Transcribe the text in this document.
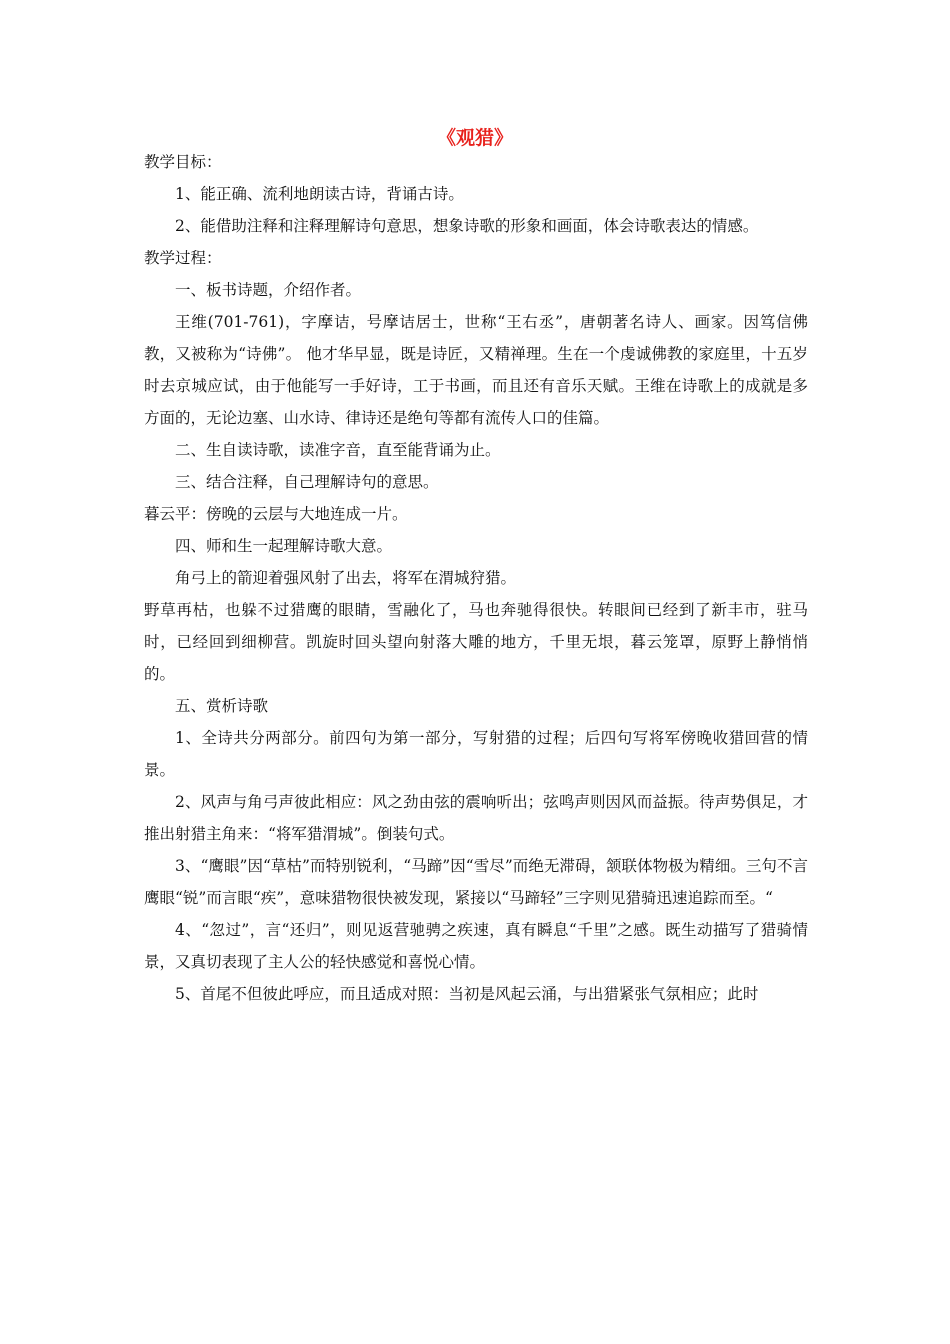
《观猎》

教学目标：

1、能正确、流利地朗读古诗，背诵古诗。

2、能借助注释和注释理解诗句意思，想象诗歌的形象和画面，体会诗歌表达的情感。

教学过程：

一、板书诗题，介绍作者。

王维(701-761)，字摩诘，号摩诘居士，世称“王右丞”，唐朝著名诗人、画家。因笃信佛教，又被称为“诗佛”。 他才华早显，既是诗匠，又精禅理。生在一个虔诚佛教的家庭里，十五岁时去京城应试，由于他能写一手好诗，工于书画，而且还有音乐天赋。王维在诗歌上的成就是多方面的，无论边塞、山水诗、律诗还是绝句等都有流传人口的佳篇。

二、生自读诗歌，读准字音，直至能背诵为止。

三、结合注释，自己理解诗句的意思。

暮云平：傍晚的云层与大地连成一片。

四、师和生一起理解诗歌大意。

角弓上的箭迎着强风射了出去，将军在渭城狩猎。

野草再枯，也躲不过猎鹰的眼睛，雪融化了，马也奔驰得很快。转眼间已经到了新丰市，驻马时，已经回到细柳营。凯旋时回头望向射落大雕的地方，千里无垠，暮云笼罩，原野上静悄悄的。

五、赏析诗歌

1、全诗共分两部分。前四句为第一部分，写射猎的过程；后四句写将军傍晚收猎回营的情景。

2、风声与角弓声彼此相应：风之劲由弦的震响听出；弦鸣声则因风而益振。待声势俱足，才推出射猎主角来：“将军猎渭城”。倒装句式。

3、“鹰眼”因“草枯”而特别锐利，“马蹄”因“雪尽”而绝无滞碍，颔联体物极为精细。三句不言鹰眼“锐”而言眼“疾”，意味猎物很快被发现，紧接以“马蹄轻”三字则见猎骑迅速追踪而至。“

4、“忽过”，言“还归”，则见返营驰骋之疾速，真有瞬息“千里”之感。既生动描写了猎骑情景，又真切表现了主人公的轻快感觉和喜悦心情。

5、首尾不但彼此呼应，而且适成对照：当初是风起云涌，与出猎紧张气氛相应；此时
